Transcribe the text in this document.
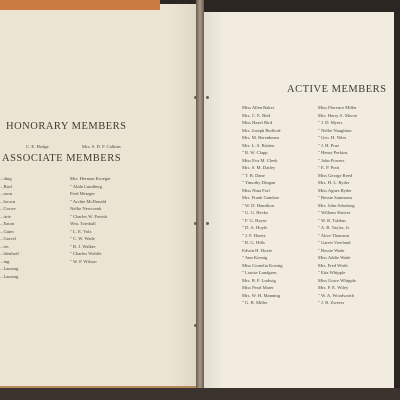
HONORARY MEMBERS
C. E. Hodge	Mrs. S. D. F. Calkins
ASSOCIATE MEMBERS
...ding
...Bird
...nson
...brown
...Crowe
...ttrie
...Eaton
...Gunn
...Gravel
...tes
...hlenhoff
...ing
...Lansing
...Lansing
Mrs. Herman Kroeger
" Alida Lundberg
Fred Metzger
" Archie McDonald
Nellie Newcomb
" Charles W. Parrish
Wm. Tornball
" L. E. Volz
" C. W. Wade
" R. J. Walker
" Charles Wohlfe
" W. P. Wilson
ACTIVE MEMBERS
Miss Allen Baker
Mrs. C. E. Bird
Miss Hazel Bird
Mrs. Joseph Bedford
Mrs. M. Berenbeam
Mrs. L. S. Britten
" R. W. Clapp
Miss Eva M. Cleek
Mrs. S. M. Dailey
" T. B. Dane
" Timothy Dingan
Miss Nina Forl
Mrs. Frank Gamboe
" W. D. Hamilton
" G. G. Hecke
" F. G. Hayse
" D. A. Hoyle
" J. F. Honey
" R. G. Hills
Edwin H. Hoxie
" Ann Koenig
Miss Cornelia Koenig
" Louise Lundgren
Mrs. B. F. Ludwig
Miss Pearl Maier
Mrs. W. H. Manning
" G. B. Miller
Miss Florence Miller
Mrs. Harry A. Moore
" J. D. Myers
" Nellie Naughton
" Geo. H. Niles
" J. H. Prue
" Henry Perkins
" John Powers
" E. P. Pratt
Miss George Reed
Mrs. H. L. Ryder
Miss Agnes Ryder
" Bessie Sammons
Mrs. John Schaberg
" William Shriver
" W. R. Tubbus
" A. B. Taylor, Jr.
" Alice Thomson
" Garret Vreeland
" Bessie Wade
Miss Addie Wade
Mrs. Fred Wirth
" Etta Whipple
Miss Grace Whipple
Mrs. F. E. Wiley
" W. A. Woodworth
" J. B. Zweers
